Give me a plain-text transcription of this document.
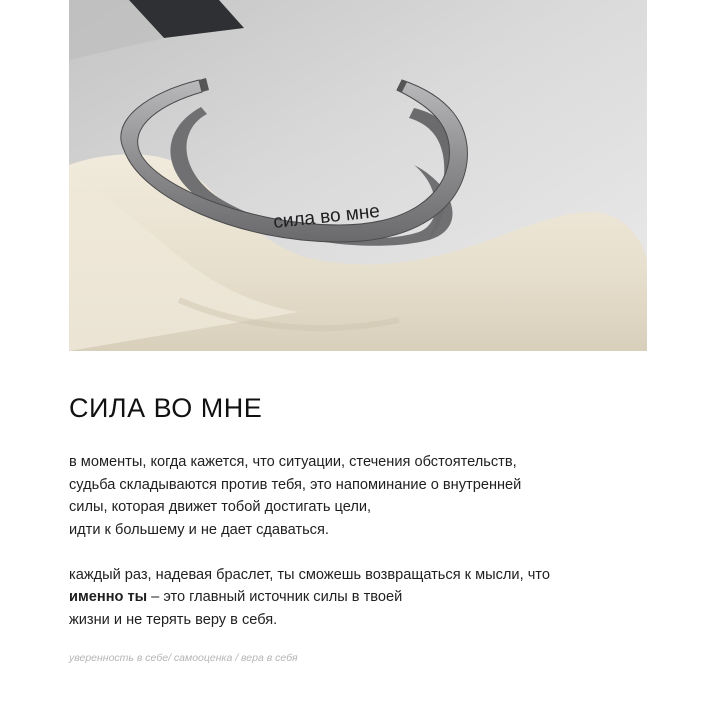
сила во мне
СИЛА ВО МНЕ
в моменты, когда кажется, что ситуации, стечения обстоятельств,
судьба складываются против тебя, это напоминание о внутренней
силы, которая движет тобой достигать цели,
идти к большему и не дает сдаваться.
каждый раз, надевая браслет, ты сможешь возвращаться к мысли, что
именно ты – это главный источник силы в твоей
жизни и не терять веру в себя.
уверенность в себе/ самооценка / вера в себя
